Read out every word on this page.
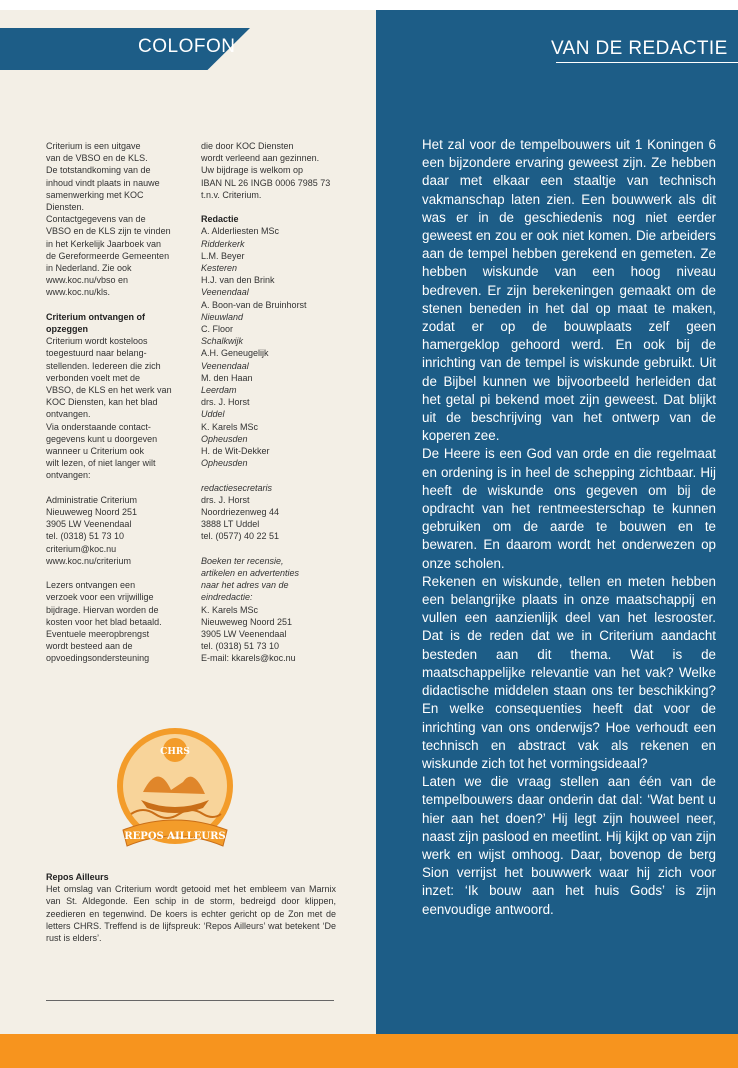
COLOFON	VAN DE REDACTIE

Criterium is een uitgave

van de VBSO en de KLS.

De totstandkoming van de

inhoud vindt plaats in nauwe

samenwerking met KOC

Diensten.

Contactgegevens van de

VBSO en de KLS zijn te vinden

in het Kerkelijk Jaarboek van

de Gereformeerde Gemeenten

in Nederland. Zie ook

www.koc.nu/vbso en

www.koc.nu/kls.

Criterium ontvangen of

opzeggen

Criterium wordt kosteloos

toegestuurd naar belang-

stellenden. Iedereen die zich

verbonden voelt met de

VBSO, de KLS en het werk van

KOC Diensten, kan het blad

ontvangen.

Via onderstaande contact-

gegevens kunt u doorgeven

wanneer u Criterium ook

wilt lezen, of niet langer wilt

ontvangen:

Administratie Criterium

Nieuweweg Noord 251

3905 LW Veenendaal

tel. (0318) 51 73 10

criterium@koc.nu

www.koc.nu/criterium

Lezers ontvangen een

verzoek voor een vrijwillige

bijdrage. Hiervan worden de

kosten voor het blad betaald.

Eventuele meeropbrengst

wordt besteed aan de

opvoedingsondersteuning

die door KOC Diensten

wordt verleend aan gezinnen.

Uw bijdrage is welkom op

IBAN NL 26 INGB 0006 7985 73

t.n.v. Criterium.

Redactie

A. Alderliesten MSc

Ridderkerk

L.M. Beyer

Kesteren

H.J. van den Brink

Veenendaal

A. Boon-van de Bruinhorst

Nieuwland

C. Floor

Schalkwijk

A.H. Geneugelijk

Veenendaal

M. den Haan

Leerdam

drs. J. Horst

Uddel

K. Karels MSc

Opheusden

H. de Wit-Dekker

Opheusden

redactiesecretaris

drs. J. Horst

Noordriezenweg 44

3888 LT Uddel

tel. (0577) 40 22 51

Boeken ter recensie,

artikelen en advertenties

naar het adres van de

eindredactie:

K. Karels MSc

Nieuweweg Noord 251

3905 LW Veenendaal

tel. (0318) 51 73 10

E-mail: kkarels@koc.nu

CHRS
REPOS AILLEURS
Repos Ailleurs
Het omslag van Criterium wordt getooid met het embleem van Marnix van St. Aldegonde. Een schip in de storm, bedreigd door klippen, zeedieren en tegenwind. De koers is echter gericht op de Zon met de letters CHRS. Treffend is de lijfspreuk: ‘Repos Ailleurs’ wat betekent ‘De rust is elders’.

Het zal voor de tempelbouwers uit 1 Koningen 6 een bijzondere ervaring geweest zijn. Ze hebben daar met elkaar een staaltje van technisch vakmanschap laten zien. Een bouwwerk als dit was er in de geschiedenis nog niet eerder geweest en zou er ook niet komen. Die arbeiders aan de tempel hebben gerekend en gemeten. Ze hebben wiskunde van een hoog niveau bedreven. Er zijn berekeningen gemaakt om de stenen beneden in het dal op maat te maken, zodat er op de bouwplaats zelf geen hamergeklop gehoord werd. En ook bij de inrichting van de tempel is wiskunde gebruikt. Uit de Bijbel kunnen we bijvoorbeeld herleiden dat het getal pi bekend moet zijn geweest. Dat blijkt uit de beschrijving van het ontwerp van de koperen zee.

De Heere is een God van orde en die regelmaat en ordening is in heel de schepping zichtbaar. Hij heeft de wiskunde ons gegeven om bij de opdracht van het rentmeesterschap te kunnen gebruiken om de aarde te bouwen en te bewaren. En daarom wordt het onderwezen op onze scholen.

Rekenen en wiskunde, tellen en meten hebben een belangrijke plaats in onze maatschappij en vullen een aanzienlijk deel van het lesrooster. Dat is de reden dat we in Criterium aandacht besteden aan dit thema. Wat is de maatschappelijke relevantie van het vak? Welke didactische middelen staan ons ter beschikking? En welke consequenties heeft dat voor de inrichting van ons onderwijs? Hoe verhoudt een technisch en abstract vak als rekenen en wiskunde zich tot het vormingsideaal?

Laten we die vraag stellen aan één van de tempelbouwers daar onderin dat dal: ‘Wat bent u hier aan het doen?’ Hij legt zijn houweel neer, naast zijn paslood en meetlint. Hij kijkt op van zijn werk en wijst omhoog. Daar, bovenop de berg Sion verrijst het bouwwerk waar hij zich voor inzet: ‘Ik bouw aan het huis Gods’ is zijn eenvoudige antwoord.
